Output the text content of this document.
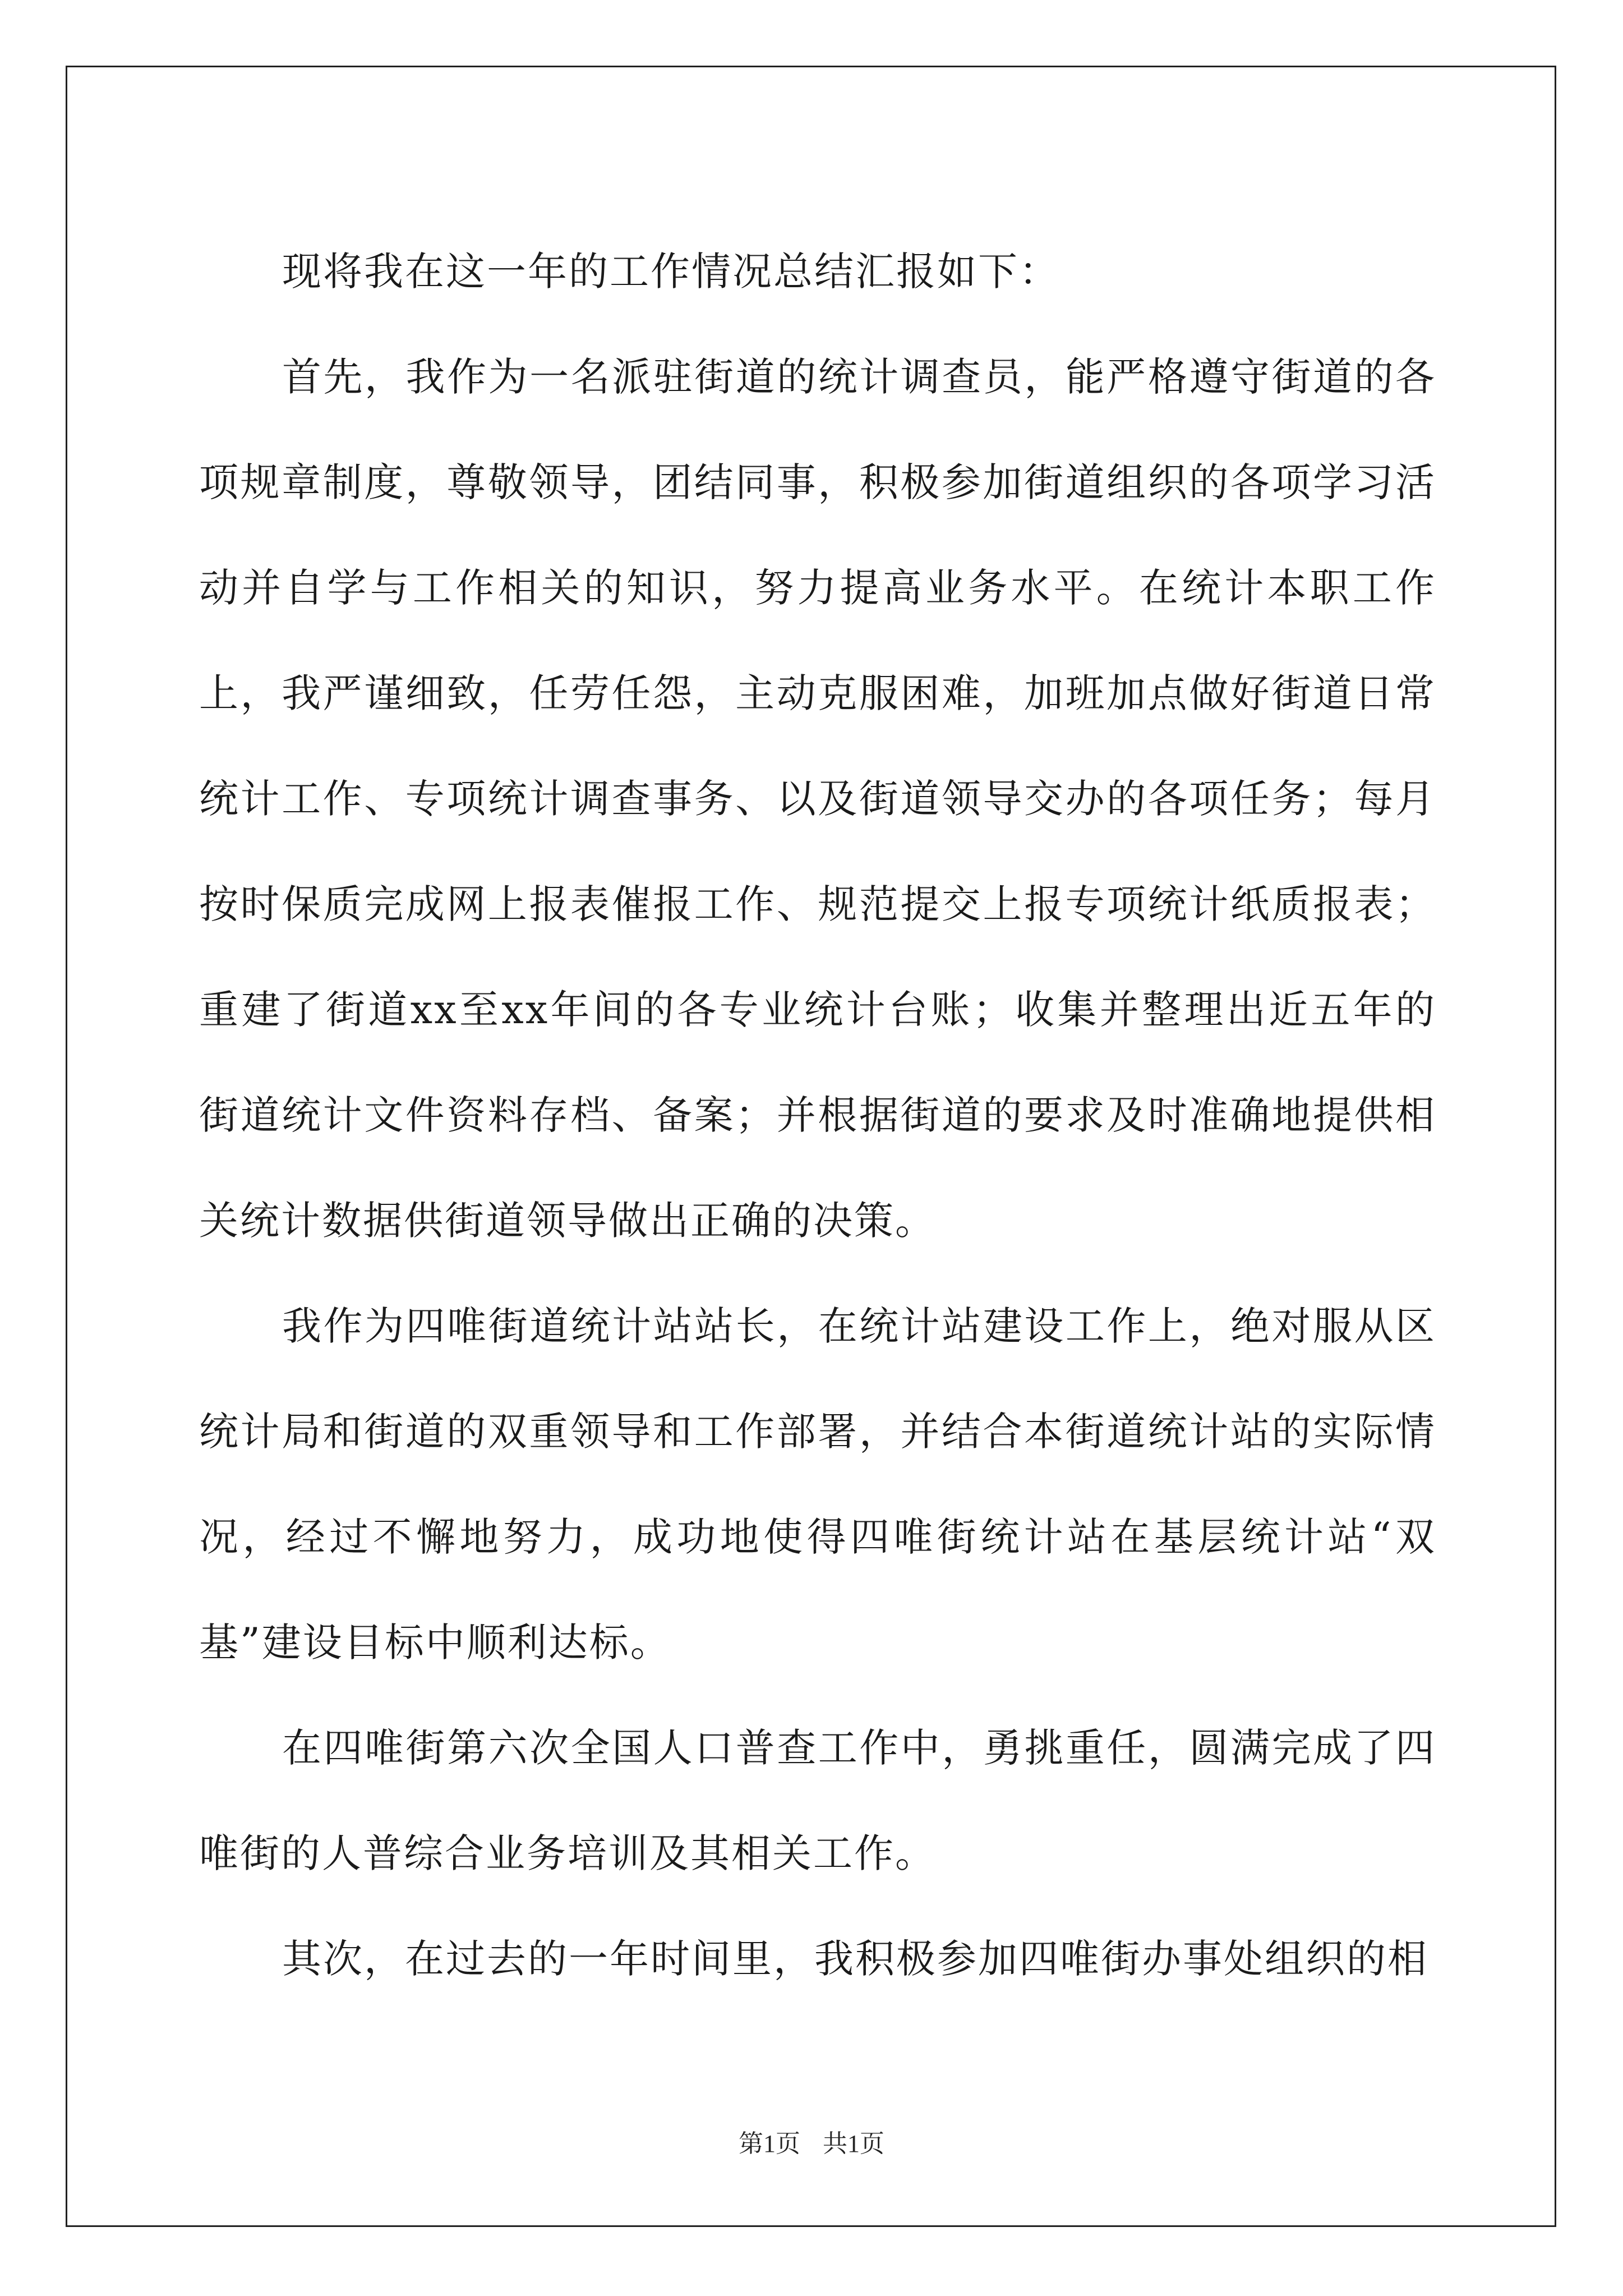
现将我在这一年的工作情况总结汇报如下：

首先，我作为一名派驻街道的统计调查员，能严格遵守街道的各项规章制度，尊敬领导，团结同事，积极参加街道组织的各项学习活动并自学与工作相关的知识，努力提高业务水平。在统计本职工作上，我严谨细致，任劳任怨，主动克服困难，加班加点做好街道日常统计工作、专项统计调查事务、以及街道领导交办的各项任务；每月按时保质完成网上报表催报工作、规范提交上报专项统计纸质报表；重建了街道xx至xx年间的各专业统计台账；收集并整理出近五年的街道统计文件资料存档、备案；并根据街道的要求及时准确地提供相关统计数据供街道领导做出正确的决策。

我作为四唯街道统计站站长，在统计站建设工作上，绝对服从区统计局和街道的双重领导和工作部署，并结合本街道统计站的实际情况，经过不懈地努力，成功地使得四唯街统计站在基层统计站“双基”建设目标中顺利达标。

在四唯街第六次全国人口普查工作中，勇挑重任，圆满完成了四唯街的人普综合业务培训及其相关工作。

其次，在过去的一年时间里，我积极参加四唯街办事处组织的相

第1页 共1页
